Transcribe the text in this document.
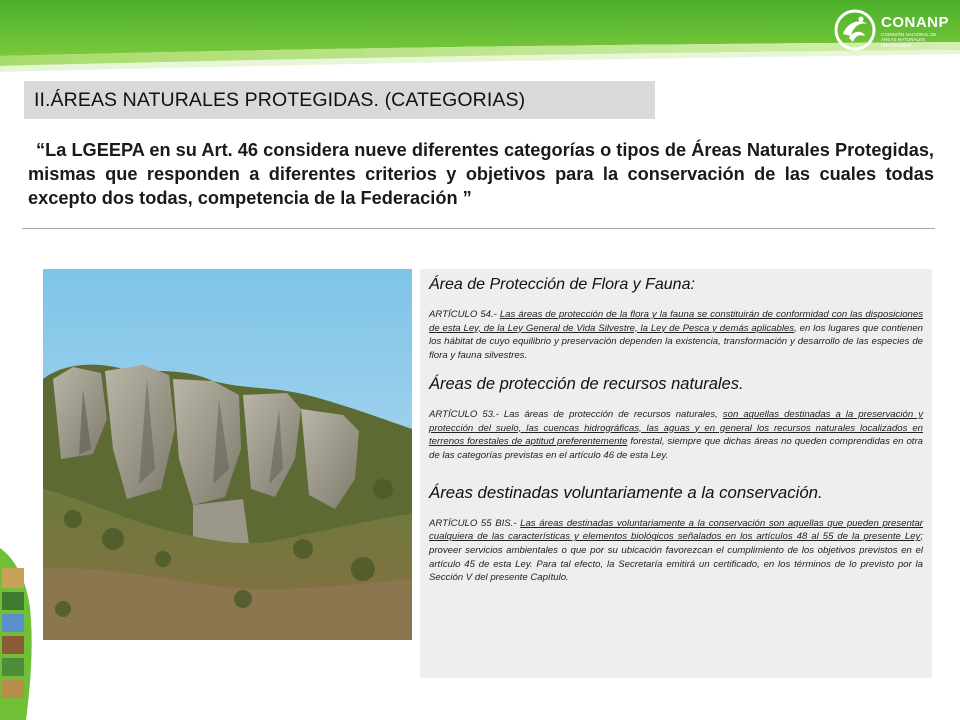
CONANP
COMISIÓN NACIONAL DE ÁREAS NATURALES PROTEGIDAS
II.ÁREAS NATURALES PROTEGIDAS. (CATEGORIAS)

“La LGEEPA en su Art. 46 considera nueve diferentes categorías o tipos de Áreas Naturales Protegidas, mismas que responden a diferentes criterios y objetivos para la conservación de las cuales todas excepto dos todas, competencia de la Federación ”

Área de Protección de Flora y Fauna:

ARTÍCULO 54.- Las áreas de protección de la flora y la fauna se constituirán de conformidad con las disposiciones de esta Ley, de la Ley General de Vida Silvestre, la Ley de Pesca y demás aplicables, en los lugares que contienen los hábitat de cuyo equilibrio y preservación dependen la existencia, transformación y desarrollo de las especies de flora y fauna silvestres.

Áreas de protección de recursos naturales.

ARTÍCULO 53.- Las áreas de protección de recursos naturales, son aquellas destinadas a la preservación y protección del suelo, las cuencas hidrográficas, las aguas y en general los recursos naturales localizados en terrenos forestales de aptitud preferentemente forestal, siempre que dichas áreas no queden comprendidas en otra de las categorías previstas en el artículo 46 de esta Ley.

Áreas destinadas voluntariamente a la conservación.

ARTÍCULO 55 BIS.- Las áreas destinadas voluntariamente a la conservación son aquellas que pueden presentar cualquiera de las características y elementos biológicos señalados en los artículos 48 al 55 de la presente Ley; proveer servicios ambientales o que por su ubicación favorezcan el cumplimiento de los objetivos previstos en el artículo 45 de esta Ley. Para tal efecto, la Secretaría emitirá un certificado, en los términos de lo previsto por la Sección V del presente Capítulo.
